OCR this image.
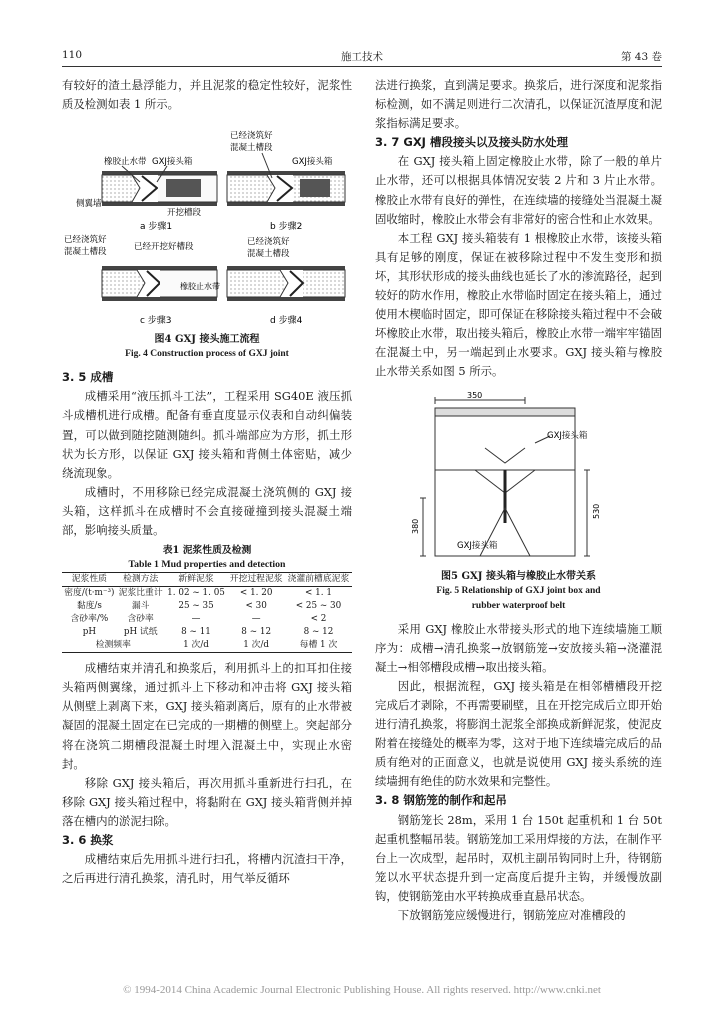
110	施工技术	第 43 卷

有较好的渣土悬浮能力，并且泥浆的稳定性较好，泥浆性质及检测如表 1 所示。

橡胶止水带 GXJ接头箱
侧翼墙
开挖槽段
a 步骤1
已经浇筑好
混凝土槽段
GXJ接头箱
b 步骤2
已经浇筑好
混凝土槽段	已经开挖好槽段
橡胶止水带
c 步骤3
已经浇筑好
混凝土槽段
d 步骤4
图4 GXJ 接头施工流程
Fig. 4 Construction process of GXJ joint
3. 5 成槽

成槽采用“液压抓斗工法”，工程采用 SG40E 液压抓斗成槽机进行成槽。配备有垂直度显示仪表和自动纠偏装置，可以做到随挖随测随纠。抓斗端部应为方形，抓土形状为长方形，以保证 GXJ 接头箱和背侧土体密贴，减少绕流现象。

成槽时，不用移除已经完成混凝土浇筑侧的 GXJ 接头箱，这样抓斗在成槽时不会直接碰撞到接头混凝土端部，影响接头质量。

表1 泥浆性质及检测
Table 1 Mud properties and detection
泥浆性质	检测方法	新鲜泥浆	开挖过程泥浆	浇灌前槽底泥浆
密度/(t·m⁻³)	泥浆比重计	1. 02 ~ 1. 05	< 1. 20	< 1. 1
黏度/s	漏斗	25 ~ 35	< 30	< 25 ~ 30
含砂率/%	含砂率	—	—	< 2
pH	pH 试纸	8 ~ 11	8 ~ 12	8 ~ 12
检测频率		1 次/d	1 次/d	每槽 1 次

成槽结束并清孔和换浆后，利用抓斗上的扣耳扣住接头箱两侧翼缘，通过抓斗上下移动和冲击将 GXJ 接头箱从侧壁上剥离下来，GXJ 接头箱剥离后，原有的止水带被凝固的混凝土固定在已完成的一期槽的侧壁上。突起部分将在浇筑二期槽段混凝土时埋入混凝土中，实现止水密封。

移除 GXJ 接头箱后，再次用抓斗重新进行扫孔，在移除 GXJ 接头箱过程中，将黏附在 GXJ 接头箱背侧并掉落在槽内的淤泥扫除。

3. 6 换浆

成槽结束后先用抓斗进行扫孔，将槽内沉渣扫干净，之后再进行清孔换浆，清孔时，用气举反循环

法进行换浆，直到满足要求。换浆后，进行深度和泥浆指标检测，如不满足则进行二次清孔，以保证沉渣厚度和泥浆指标满足要求。

3. 7 GXJ 槽段接头以及接头防水处理

在 GXJ 接头箱上固定橡胶止水带，除了一般的单片止水带，还可以根据具体情况安装 2 片和 3 片止水带。橡胶止水带有良好的弹性，在连续墙的接缝处当混凝土凝固收缩时，橡胶止水带会有非常好的密合性和止水效果。

本工程 GXJ 接头箱装有 1 根橡胶止水带，该接头箱具有足够的刚度，保证在被移除过程中不发生变形和损坏，其形状形成的接头曲线也延长了水的渗流路径，起到较好的防水作用，橡胶止水带临时固定在接头箱上，通过使用木楔临时固定，即可保证在移除接头箱过程中不会破坏橡胶止水带，取出接头箱后，橡胶止水带一端牢牢锚固在混凝土中，另一端起到止水要求。GXJ 接头箱与橡胶止水带关系如图 5 所示。

350
530
380
GXJ接头箱
GXJ接头箱
图5 GXJ 接头箱与橡胶止水带关系
Fig. 5 Relationship of GXJ joint box and
rubber waterproof belt

采用 GXJ 橡胶止水带接头形式的地下连续墙施工顺序为：成槽→清孔换浆→放钢筋笼→安放接头箱→浇灌混凝土→相邻槽段成槽→取出接头箱。

因此，根据流程，GXJ 接头箱是在相邻槽槽段开挖完成后才剥除，不再需要刷壁，且在开挖完成后立即开始进行清孔换浆，将膨润土泥浆全部换成新鲜泥浆，使泥皮附着在接缝处的概率为零，这对于地下连续墙完成后的品质有绝对的正面意义，也就是说使用 GXJ 接头系统的连续墙拥有绝佳的防水效果和完整性。

3. 8 钢筋笼的制作和起吊

钢筋笼长 28m，采用 1 台 150t 起重机和 1 台 50t 起重机整幅吊装。钢筋笼加工采用焊接的方法，在制作平台上一次成型，起吊时，双机主副吊钩同时上升，待钢筋笼以水平状态提升到一定高度后提升主钩，并缓慢放副钩，使钢筋笼由水平转换成垂直悬吊状态。

下放钢筋笼应缓慢进行，钢筋笼应对准槽段的

© 1994-2014 China Academic Journal Electronic Publishing House. All rights reserved. http://www.cnki.net
